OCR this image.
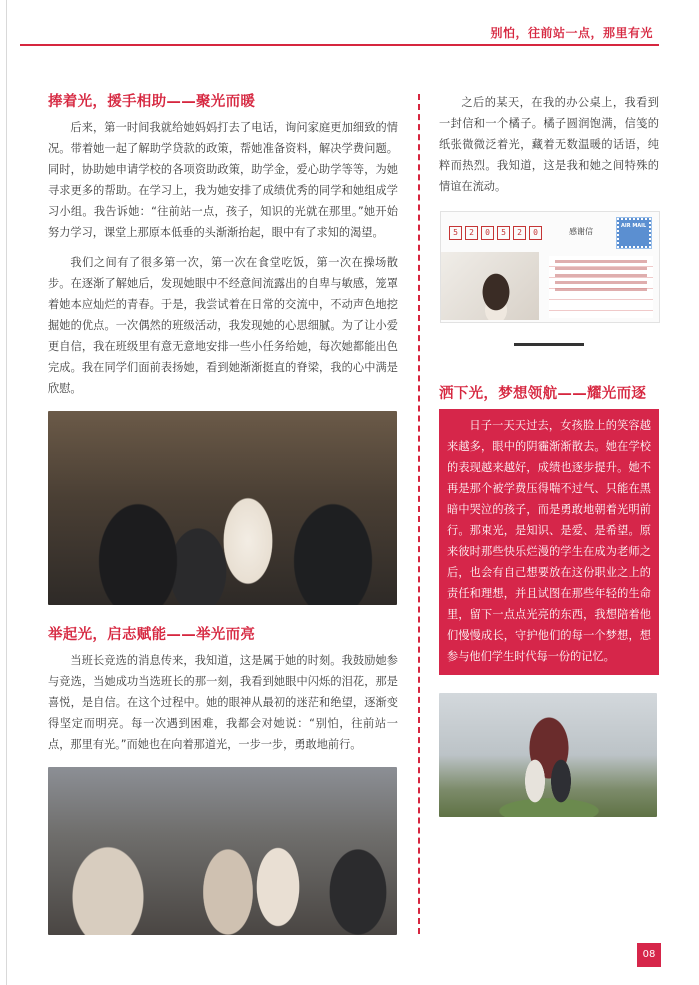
别怕，往前站一点，那里有光
捧着光，援手相助——聚光而暖

后来，第一时间我就给她妈妈打去了电话，询问家庭更加细致的情况。带着她一起了解助学贷款的政策，帮她准备资料，解决学费问题。同时，协助她申请学校的各项资助政策，助学金，爱心助学等等，为她寻求更多的帮助。在学习上，我为她安排了成绩优秀的同学和她组成学习小组。我告诉她：“往前站一点，孩子，知识的光就在那里。”她开始努力学习，课堂上那原本低垂的头渐渐抬起，眼中有了求知的渴望。

我们之间有了很多第一次，第一次在食堂吃饭，第一次在操场散步。在逐渐了解她后，发现她眼中不经意间流露出的自卑与敏感，笼罩着她本应灿烂的青春。于是，我尝试着在日常的交流中，不动声色地挖掘她的优点。一次偶然的班级活动，我发现她的心思细腻。为了让小爱更自信，我在班级里有意无意地安排一些小任务给她，每次她都能出色完成。我在同学们面前表扬她，看到她渐渐挺直的脊梁，我的心中满是欣慰。

举起光，启志赋能——举光而亮

当班长竞选的消息传来，我知道，这是属于她的时刻。我鼓励她参与竞选，当她成功当选班长的那一刻，我看到她眼中闪烁的泪花，那是喜悦，是自信。在这个过程中。她的眼神从最初的迷茫和绝望，逐渐变得坚定而明亮。每一次遇到困难，我都会对她说：“别怕，往前站一点，那里有光。”而她也在向着那道光，一步一步，勇敢地前行。

之后的某天，在我的办公桌上，我看到一封信和一个橘子。橘子圆润饱满，信笺的纸张微微泛着光，藏着无数温暖的话语，纯粹而热烈。我知道，这是我和她之间特殊的情谊在流动。

5	2	0	5	2	0	感谢信
AIR MAIL
洒下光，梦想领航——耀光而逐

日子一天天过去，女孩脸上的笑容越来越多，眼中的阴霾渐渐散去。她在学校的表现越来越好，成绩也逐步提升。她不再是那个被学费压得喘不过气、只能在黑暗中哭泣的孩子，而是勇敢地朝着光明前行。那束光，是知识、是爱、是希望。原来彼时那些快乐烂漫的学生在成为老师之后，也会有自己想要放在这份职业之上的责任和理想，并且试图在那些年轻的生命里，留下一点点光亮的东西，我想陪着他们慢慢成长，守护他们的每一个梦想，想参与他们学生时代每一份的记忆。

08
